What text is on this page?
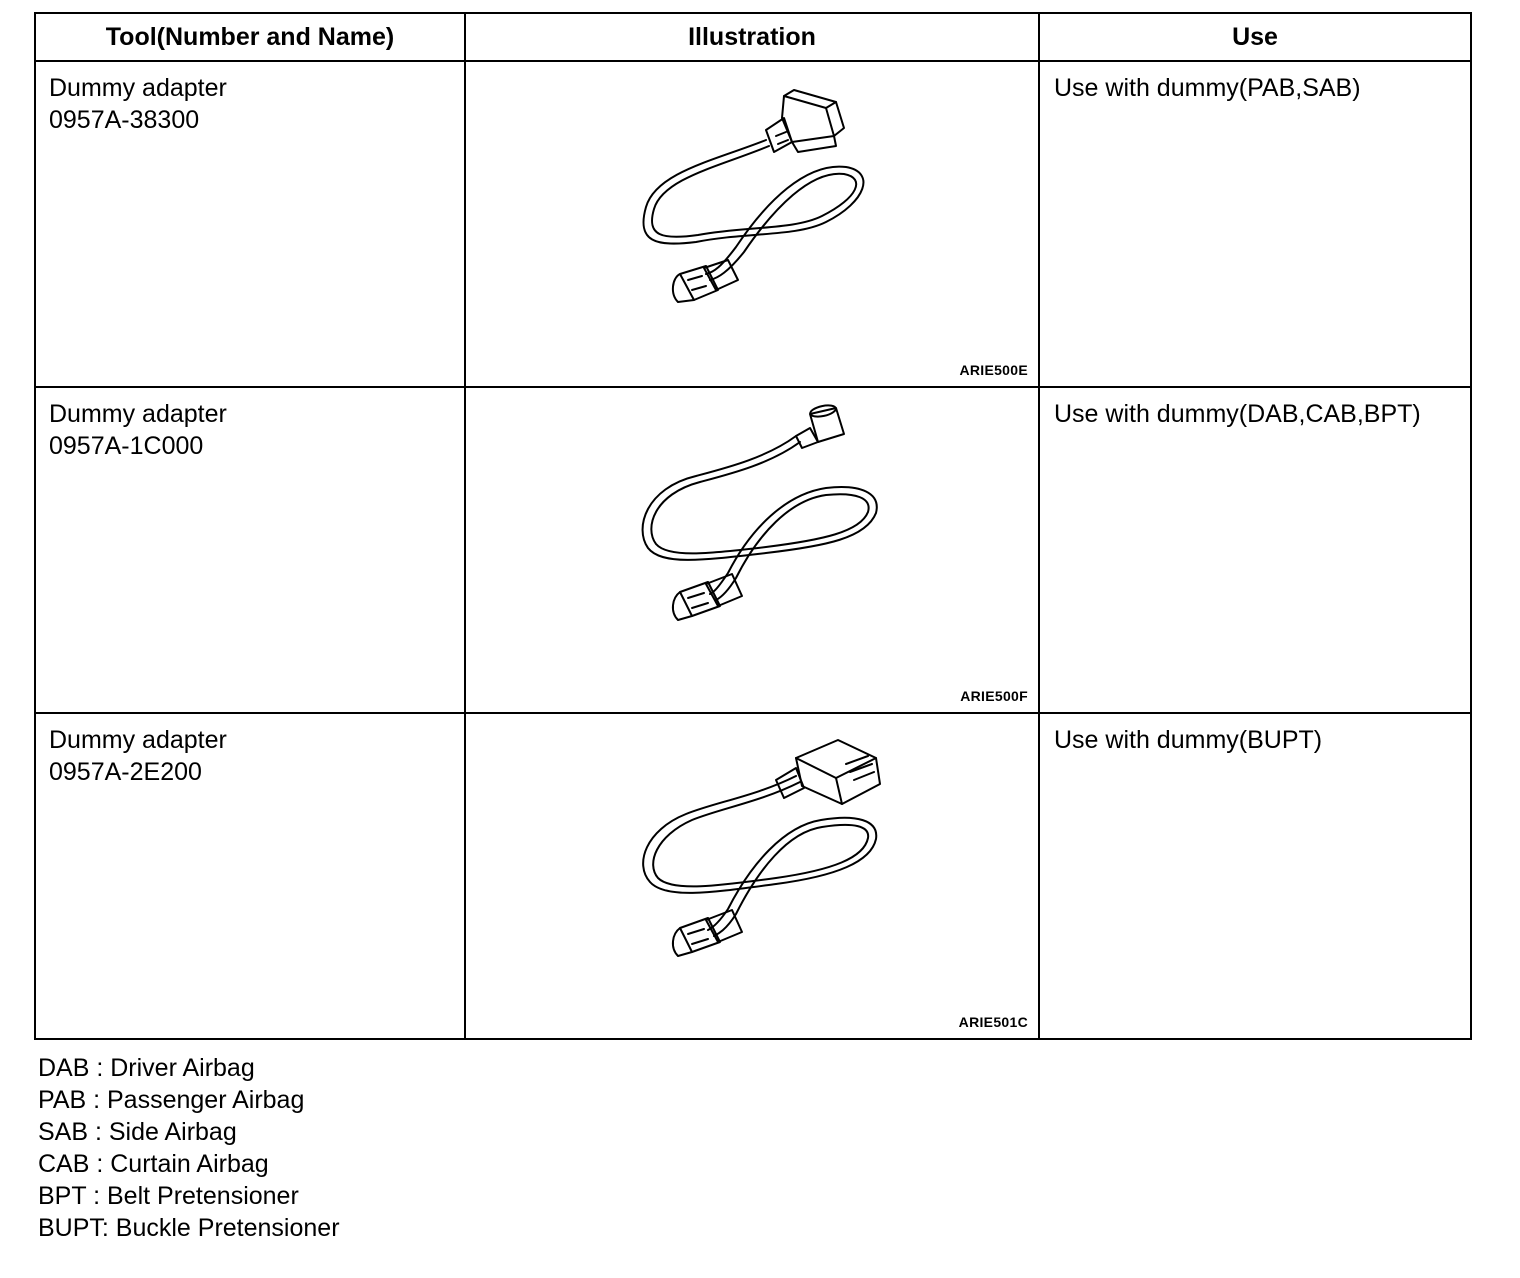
Tool(Number and Name)	Illustration	Use

Dummy adapter
0957A-38300	ARIE500E	Use with dummy(PAB,SAB)

Dummy adapter
0957A-1C000	ARIE500F	Use with dummy(DAB,CAB,BPT)

Dummy adapter
0957A-2E200	ARIE501C	Use with dummy(BUPT)
DAB : Driver Airbag
PAB : Passenger Airbag
SAB : Side Airbag
CAB : Curtain Airbag
BPT : Belt Pretensioner
BUPT: Buckle Pretensioner
